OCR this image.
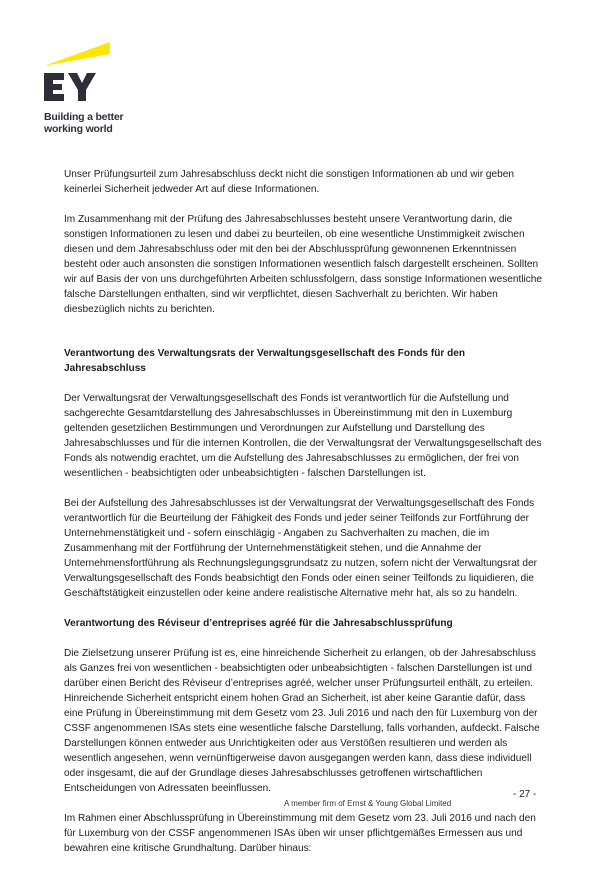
Building a better
working world

Unser Prüfungsurteil zum Jahresabschluss deckt nicht die sonstigen Informationen ab und wir geben keinerlei Sicherheit jedweder Art auf diese Informationen.

Im Zusammenhang mit der Prüfung des Jahresabschlusses besteht unsere Verantwortung darin, die sonstigen Informationen zu lesen und dabei zu beurteilen, ob eine wesentliche Unstimmigkeit zwischen diesen und dem Jahresabschluss oder mit den bei der Abschlussprüfung gewonnenen Erkenntnissen besteht oder auch ansonsten die sonstigen Informationen wesentlich falsch dargestellt erscheinen. Sollten wir auf Basis der von uns durchgeführten Arbeiten schlussfolgern, dass sonstige Informationen wesentliche falsche Darstellungen enthalten, sind wir verpflichtet, diesen Sachverhalt zu berichten. Wir haben diesbezüglich nichts zu berichten.

Verantwortung des Verwaltungsrats der Verwaltungsgesellschaft des Fonds für den Jahresabschluss

Der Verwaltungsrat der Verwaltungsgesellschaft des Fonds ist verantwortlich für die Aufstellung und sachgerechte Gesamtdarstellung des Jahresabschlusses in Übereinstimmung mit den in Luxemburg geltenden gesetzlichen Bestimmungen und Verordnungen zur Aufstellung und Darstellung des Jahresabschlusses und für die internen Kontrollen, die der Verwaltungsrat der Verwaltungsgesellschaft des Fonds als notwendig erachtet, um die Aufstellung des Jahresabschlusses zu ermöglichen, der frei von wesentlichen - beabsichtigten oder unbeabsichtigten - falschen Darstellungen ist.

Bei der Aufstellung des Jahresabschlusses ist der Verwaltungsrat der Verwaltungsgesellschaft des Fonds verantwortlich für die Beurteilung der Fähigkeit des Fonds und jeder seiner Teilfonds zur Fortführung der Unternehmenstätigkeit und - sofern einschlägig - Angaben zu Sachverhalten zu machen, die im Zusammenhang mit der Fortführung der Unternehmenstätigkeit stehen, und die Annahme der Unternehmensfortführung als Rechnungslegungsgrundsatz zu nutzen, sofern nicht der Verwaltungsrat der Verwaltungsgesellschaft des Fonds beabsichtigt den Fonds oder einen seiner Teilfonds zu liquidieren, die Geschäftstätigkeit einzustellen oder keine andere realistische Alternative mehr hat, als so zu handeln.

Verantwortung des Réviseur d’entreprises agréé für die Jahresabschlussprüfung

Die Zielsetzung unserer Prüfung ist es, eine hinreichende Sicherheit zu erlangen, ob der Jahresabschluss als Ganzes frei von wesentlichen - beabsichtigten oder unbeabsichtigten - falschen Darstellungen ist und darüber einen Bericht des Réviseur d’entreprises agréé, welcher unser Prüfungsurteil enthält, zu erteilen. Hinreichende Sicherheit entspricht einem hohen Grad an Sicherheit, ist aber keine Garantie dafür, dass eine Prüfung in Übereinstimmung mit dem Gesetz vom 23. Juli 2016 und nach den für Luxemburg von der CSSF angenommenen ISAs stets eine wesentliche falsche Darstellung, falls vorhanden, aufdeckt. Falsche Darstellungen können entweder aus Unrichtigkeiten oder aus Verstößen resultieren und werden als wesentlich angesehen, wenn vernünftigerweise davon ausgegangen werden kann, dass diese individuell oder insgesamt, die auf der Grundlage dieses Jahresabschlusses getroffenen wirtschaftlichen Entscheidungen von Adressaten beeinflussen.

Im Rahmen einer Abschlussprüfung in Übereinstimmung mit dem Gesetz vom 23. Juli 2016 und nach den für Luxemburg von der CSSF angenommenen ISAs üben wir unser pflichtgemäßes Ermessen aus und bewahren eine kritische Grundhaltung. Darüber hinaus:

- 27 -
A member firm of Ernst & Young Global Limited
